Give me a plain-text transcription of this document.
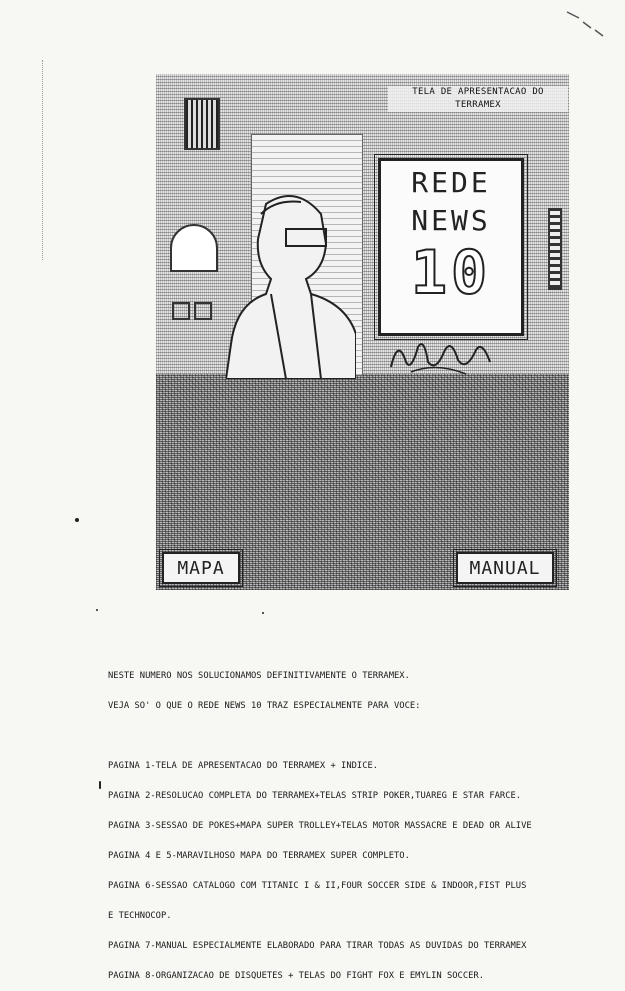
TELA DE APRESENTACAO DO
TERRAMEX

REDE

NEWS

10

MAPA	MANUAL

NESTE NUMERO NOS SOLUCIONAMOS DEFINITIVAMENTE O TERRAMEX.

VEJA SO' O QUE O REDE NEWS 10 TRAZ ESPECIALMENTE PARA VOCE:

PAGINA 1-TELA DE APRESENTACAO DO TERRAMEX + INDICE.

PAGINA 2-RESOLUCAO COMPLETA DO TERRAMEX+TELAS STRIP POKER,TUAREG E STAR FARCE.

PAGINA 3-SESSAO DE POKES+MAPA SUPER TROLLEY+TELAS MOTOR MASSACRE E DEAD OR ALIVE

PAGINA 4 E 5-MARAVILHOSO MAPA DO TERRAMEX SUPER COMPLETO.

PAGINA 6-SESSAO CATALOGO COM TITANIC I & II,FOUR SOCCER SIDE & INDOOR,FIST PLUS

E TECHNOCOP.

PAGINA 7-MANUAL ESPECIALMENTE ELABORADO PARA TIRAR TODAS AS DUVIDAS DO TERRAMEX

PAGINA 8-ORGANIZACAO DE DISQUETES + TELAS DO FIGHT FOX E EMYLIN SOCCER.
